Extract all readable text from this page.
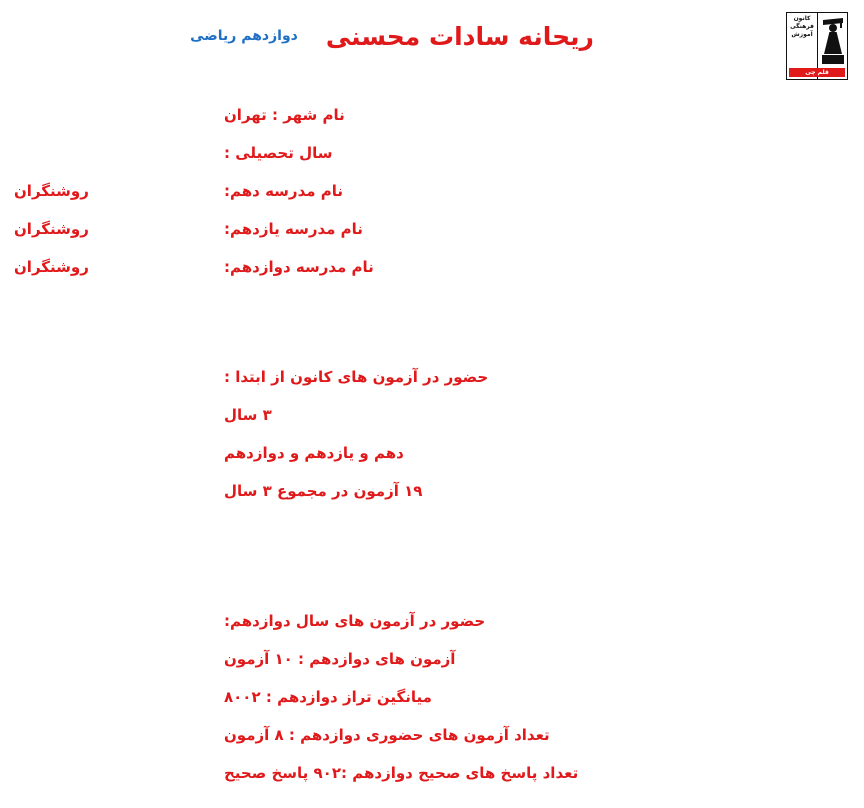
کانون
فرهنگی
آموزش
قلم چی
ریحانه سادات محسنی
دوازدهم ریاضی
نام شهر : تهران
سال تحصیلی :
نام مدرسه دهم:
روشنگران
نام مدرسه یازدهم:
روشنگران
نام مدرسه دوازدهم:
روشنگران
حضور در آزمون های کانون از ابتدا :
۳ سال
دهم و یازدهم و دوازدهم
۱۹ آزمون در مجموع ۳ سال
حضور در آزمون های سال دوازدهم:
آزمون های دوازدهم : ۱۰ آزمون
میانگین تراز دوازدهم : ۸۰۰۲
تعداد آزمون های حضوری دوازدهم : ۸ آزمون
تعداد پاسخ های صحیح دوازدهم :۹۰۲ پاسخ صحیح
